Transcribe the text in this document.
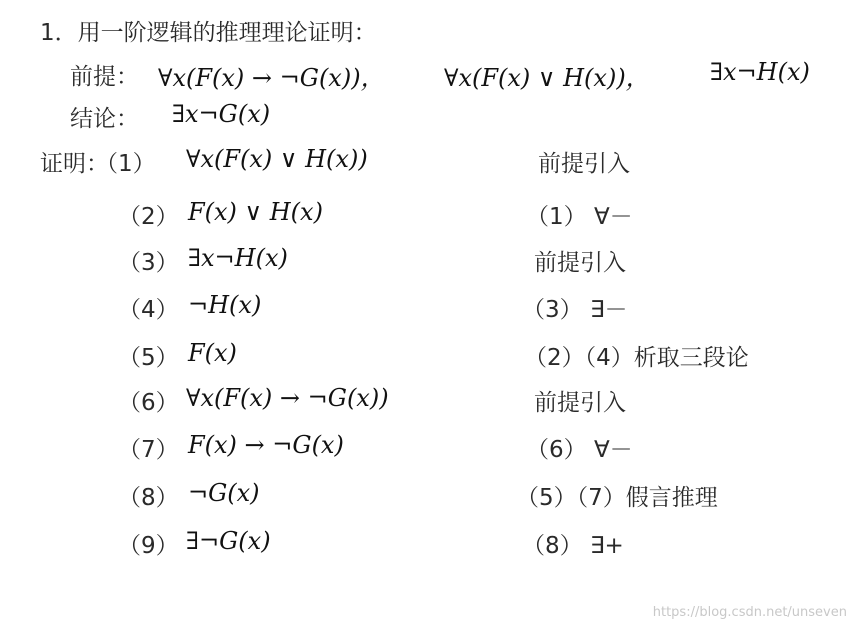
1．用一阶逻辑的推理理论证明：
前提： ∀x(F(x) → ¬G(x))， ∀x(F(x) ∨ H(x))，	∃x¬H(x)
结论： ∃x¬G(x)
证明：
（1） ∀x(F(x) ∨ H(x))	前提引入
（2） F(x) ∨ H(x)	（1） ∀－
（3） ∃x¬H(x)	前提引入
（4） ¬H(x)	（3） ∃－
（5） F(x)	（2）（4）析取三段论
（6） ∀x(F(x) → ¬G(x))	前提引入
（7） F(x) → ¬G(x)	（6） ∀－
（8） ¬G(x)	（5）（7）假言推理
（9） ∃¬G(x)	（8） ∃+
https://blog.csdn.net/unseven
